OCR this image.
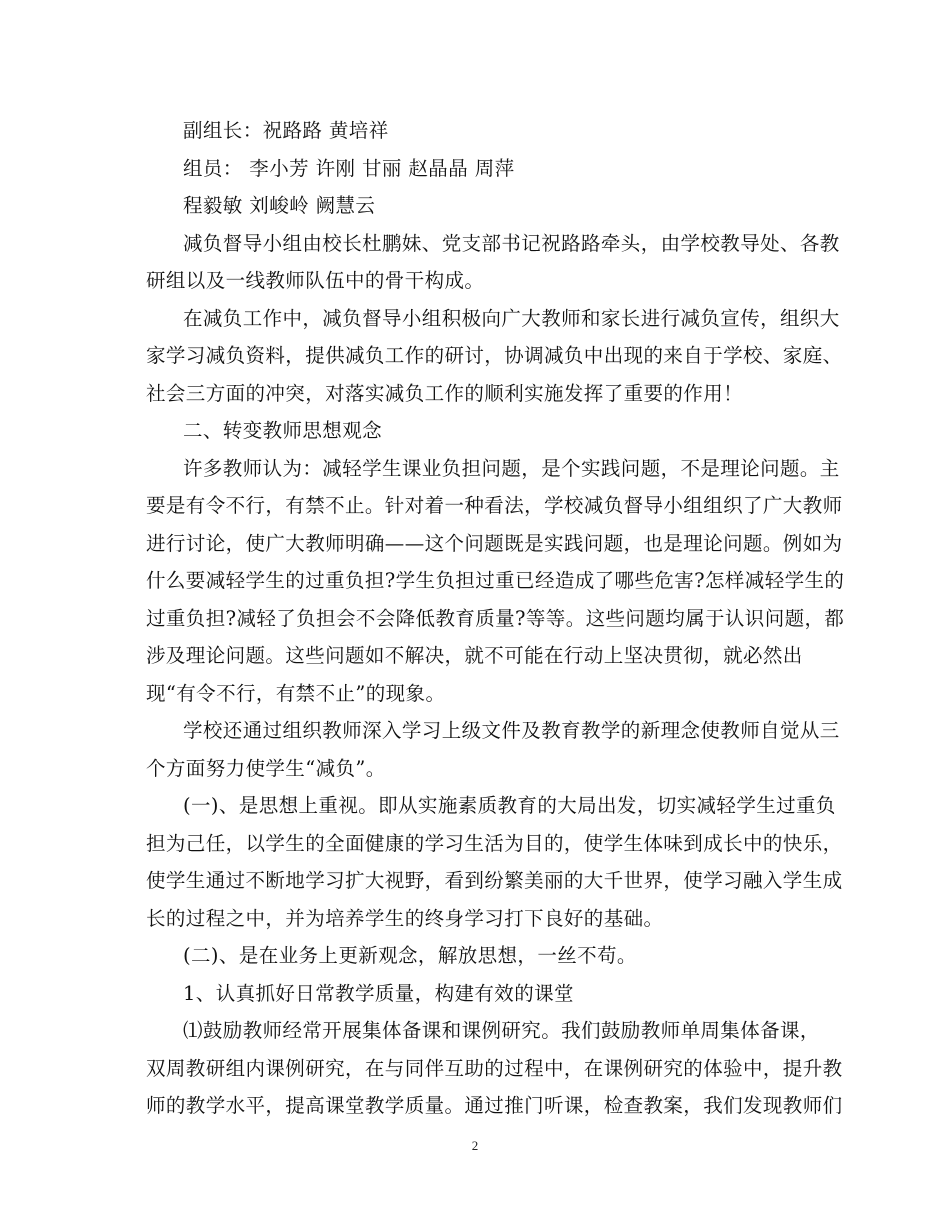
副组长：祝路路 黄培祥
组员： 李小芳 许刚 甘丽 赵晶晶 周萍
程毅敏 刘峻岭 阙慧云
减负督导小组由校长杜鹏妹、党支部书记祝路路牵头，由学校教导处、各教
研组以及一线教师队伍中的骨干构成。
在减负工作中，减负督导小组积极向广大教师和家长进行减负宣传，组织大
家学习减负资料，提供减负工作的研讨，协调减负中出现的来自于学校、家庭、
社会三方面的冲突，对落实减负工作的顺利实施发挥了重要的作用！
二、转变教师思想观念
许多教师认为：减轻学生课业负担问题，是个实践问题，不是理论问题。主
要是有令不行，有禁不止。针对着一种看法，学校减负督导小组组织了广大教师
进行讨论，使广大教师明确——这个问题既是实践问题，也是理论问题。例如为
什么要减轻学生的过重负担?学生负担过重已经造成了哪些危害?怎样减轻学生的
过重负担?减轻了负担会不会降低教育质量?等等。这些问题均属于认识问题，都
涉及理论问题。这些问题如不解决，就不可能在行动上坚决贯彻，就必然出
现“有令不行，有禁不止”的现象。
学校还通过组织教师深入学习上级文件及教育教学的新理念使教师自觉从三
个方面努力使学生“减负”。
(一)、是思想上重视。即从实施素质教育的大局出发，切实减轻学生过重负
担为己任，以学生的全面健康的学习生活为目的，使学生体味到成长中的快乐，
使学生通过不断地学习扩大视野，看到纷繁美丽的大千世界，使学习融入学生成
长的过程之中，并为培养学生的终身学习打下良好的基础。
(二)、是在业务上更新观念，解放思想，一丝不苟。
1、认真抓好日常教学质量，构建有效的课堂
⑴鼓励教师经常开展集体备课和课例研究。我们鼓励教师单周集体备课，
双周教研组内课例研究，在与同伴互助的过程中，在课例研究的体验中，提升教
师的教学水平，提高课堂教学质量。通过推门听课，检查教案，我们发现教师们
2
